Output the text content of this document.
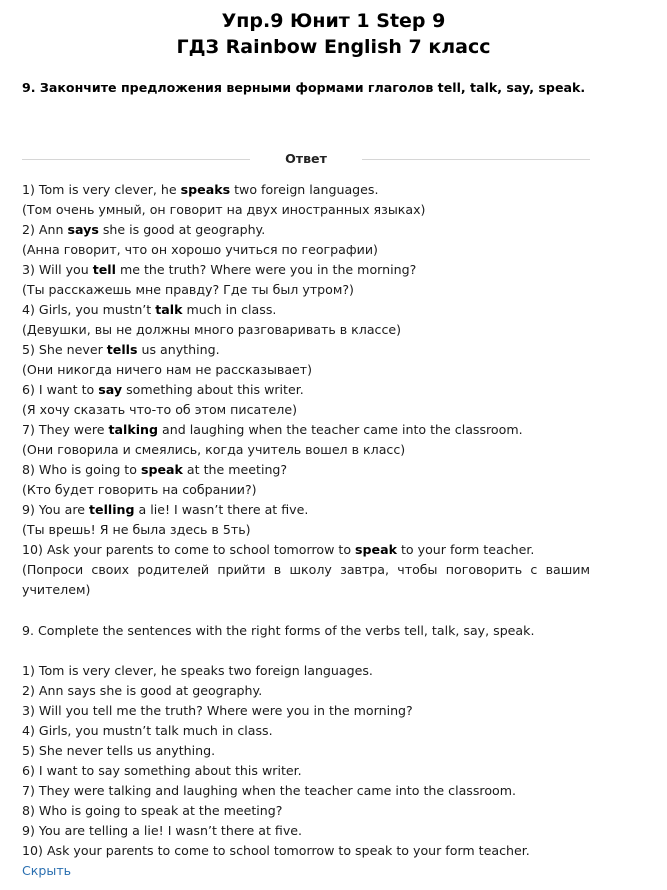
Упр.9 Юнит 1 Step 9
ГДЗ Rainbow English 7 класс
9. Закончите предложения верными формами глаголов tell, talk, say, speak.
Ответ
1) Tom is very clever, he speaks two foreign languages.
(Том очень умный, он говорит на двух иностранных языках)
2) Ann says she is good at geography.
(Анна говорит, что он хорошо учиться по географии)
3) Will you tell me the truth? Where were you in the morning?
(Ты расскажешь мне правду? Где ты был утром?)
4) Girls, you mustn’t talk much in class.
(Девушки, вы не должны много разговаривать в классе)
5) She never tells us anything.
(Они никогда ничего нам не рассказывает)
6) I want to say something about this writer.
(Я хочу сказать что-то об этом писателе)
7) They were talking and laughing when the teacher came into the classroom.
(Они говорила и смеялись, когда учитель вошел в класс)
8) Who is going to speak at the meeting?
(Кто будет говорить на собрании?)
9) You are telling a lie! I wasn’t there at five.
(Ты врешь! Я не была здесь в 5ть)
10) Ask your parents to come to school tomorrow to speak to your form teacher.
(Попроси своих родителей прийти в школу завтра, чтобы поговорить с вашим учителем)
9. Complete the sentences with the right forms of the verbs tell, talk, say, speak.
1) Tom is very clever, he speaks two foreign languages.
2) Ann says she is good at geography.
3) Will you tell me the truth? Where were you in the morning?
4) Girls, you mustn’t talk much in class.
5) She never tells us anything.
6) I want to say something about this writer.
7) They were talking and laughing when the teacher came into the classroom.
8) Who is going to speak at the meeting?
9) You are telling a lie! I wasn’t there at five.
10) Ask your parents to come to school tomorrow to speak to your form teacher.
Скрыть
